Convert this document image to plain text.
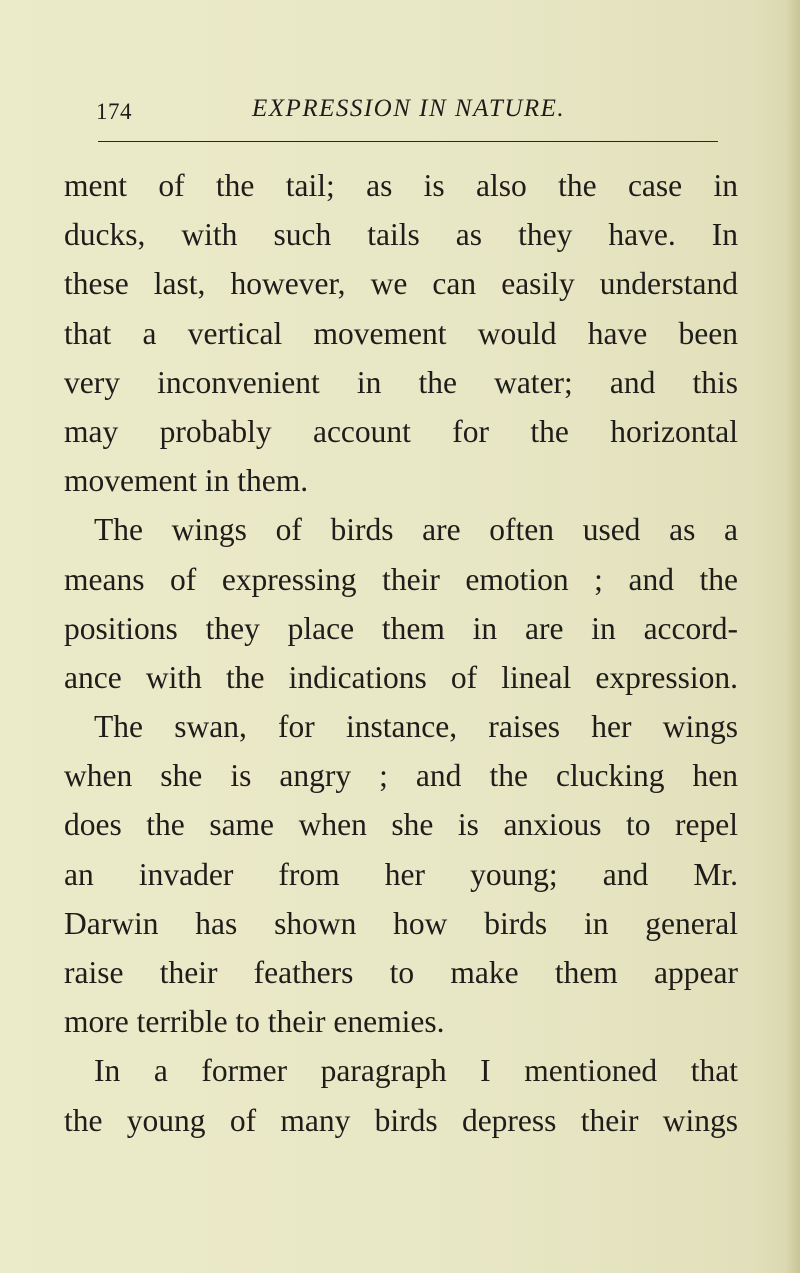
174	EXPRESSION IN NATURE.
ment of the tail; as is also the case in
ducks, with such tails as they have. In
these last, however, we can easily understand
that a vertical movement would have been
very inconvenient in the water; and this
may probably account for the horizontal
movement in them.
The wings of birds are often used as a
means of expressing their emotion ; and the
positions they place them in are in accord-
ance with the indications of lineal expression.
The swan, for instance, raises her wings
when she is angry ; and the clucking hen
does the same when she is anxious to repel
an invader from her young; and Mr.
Darwin has shown how birds in general
raise their feathers to make them appear
more terrible to their enemies.
In a former paragraph I mentioned that
the young of many birds depress their wings
